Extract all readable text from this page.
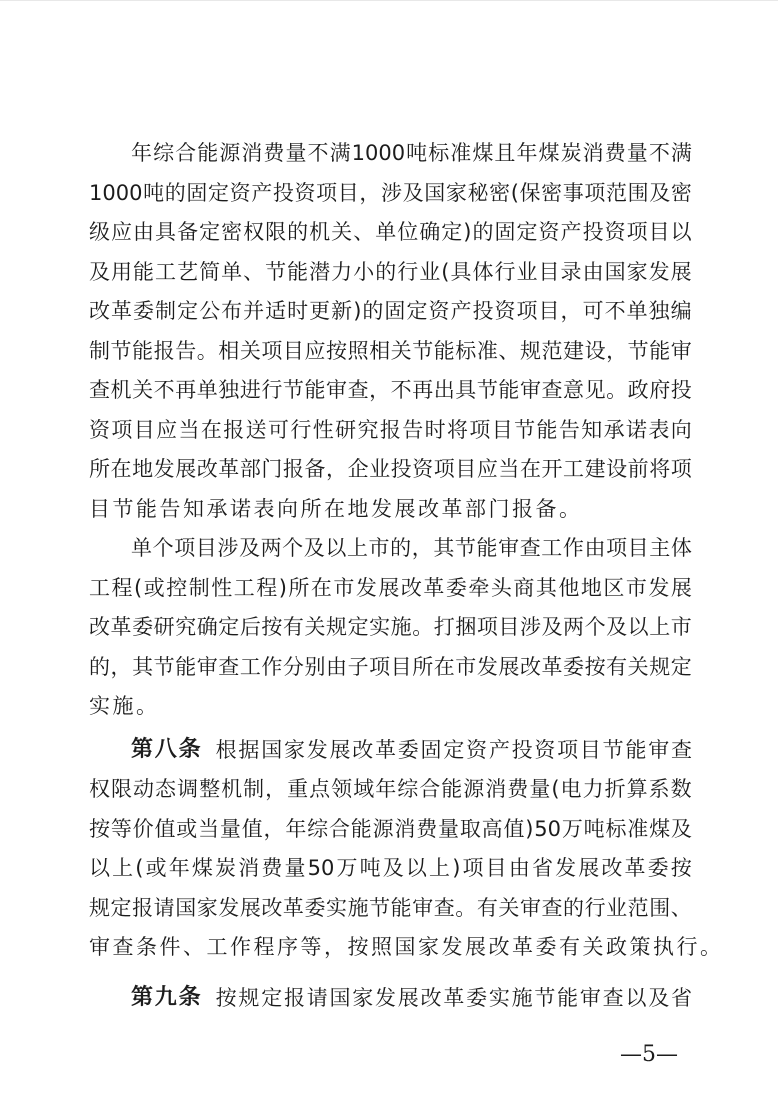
年 综 合 能 源 消 费 量 不 满 1000 吨 标 准 煤 且 年 煤 炭 消 费 量 不 满
1000 吨 的 固 定 资 产 投 资 项 目 ， 涉 及 国 家 秘 密 ( 保 密 事 项 范 围 及 密
级 应 由 具 备 定 密 权 限 的 机 关 、 单 位 确 定 ) 的 固 定 资 产 投 资 项 目 以
及 用 能 工 艺 简 单 、 节 能 潜 力 小 的 行 业 ( 具 体 行 业 目 录 由 国 家 发 展
改 革 委 制 定 公 布 并 适 时 更 新 ) 的 固 定 资 产 投 资 项 目 ， 可 不 单 独 编
制 节 能 报 告 。 相 关 项 目 应 按 照 相 关 节 能 标 准 、 规 范 建 设 ， 节 能 审
查 机 关 不 再 单 独 进 行 节 能 审 查 ， 不 再 出 具 节 能 审 查 意 见 。 政 府 投
资 项 目 应 当 在 报 送 可 行 性 研 究 报 告 时 将 项 目 节 能 告 知 承 诺 表 向
所 在 地 发 展 改 革 部 门 报 备 ， 企 业 投 资 项 目 应 当 在 开 工 建 设 前 将 项
目 节 能 告 知 承 诺 表 向 所 在 地 发 展 改 革 部 门 报 备 。
单 个 项 目 涉 及 两 个 及 以 上 市 的 ， 其 节 能 审 查 工 作 由 项 目 主 体
工 程 ( 或 控 制 性 工 程 ) 所 在 市 发 展 改 革 委 牵 头 商 其 他 地 区 市 发 展
改 革 委 研 究 确 定 后 按 有 关 规 定 实 施 。 打 捆 项 目 涉 及 两 个 及 以 上 市
的 ， 其 节 能 审 查 工 作 分 别 由 子 项 目 所 在 市 发 展 改 革 委 按 有 关 规 定
实 施 。
第 八 条 根 据 国 家 发 展 改 革 委 固 定 资 产 投 资 项 目 节 能 审 查
权 限 动 态 调 整 机 制 ， 重 点 领 域 年 综 合 能 源 消 费 量 ( 电 力 折 算 系 数
按 等 价 值 或 当 量 值 ， 年 综 合 能 源 消 费 量 取 高 值 ) 50 万 吨 标 准 煤 及
以 上 ( 或 年 煤 炭 消 费 量 50 万 吨 及 以 上 ) 项 目 由 省 发 展 改 革 委 按
规 定 报 请 国 家 发 展 改 革 委 实 施 节 能 审 查 。 有 关 审 查 的 行 业 范 围 、
审 查 条 件 、 工 作 程 序 等 ， 按 照 国 家 发 展 改 革 委 有 关 政 策 执 行 。
第 九 条 按 规 定 报 请 国 家 发 展 改 革 委 实 施 节 能 审 查 以 及 省
—5—
